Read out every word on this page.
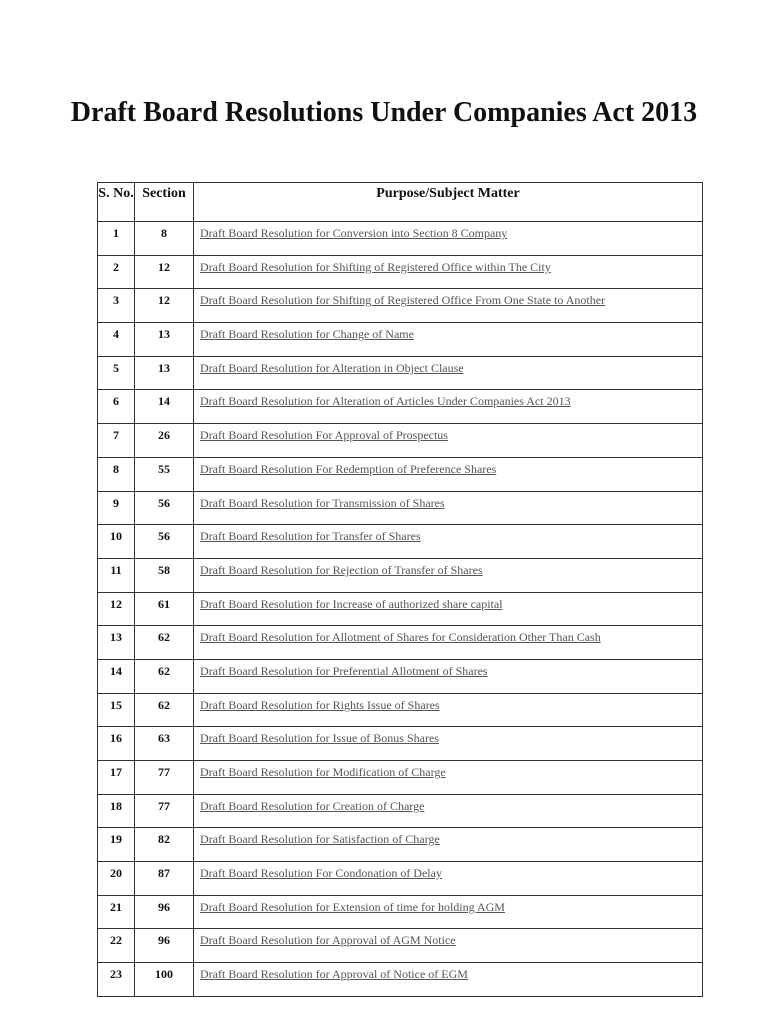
Draft Board Resolutions Under Companies Act 2013
S. No.	Section	Purpose/Subject Matter
1	8	Draft Board Resolution for Conversion into Section 8 Company
2	12	Draft Board Resolution for Shifting of Registered Office within The City
3	12	Draft Board Resolution for Shifting of Registered Office From One State to Another
4	13	Draft Board Resolution for Change of Name
5	13	Draft Board Resolution for Alteration in Object Clause
6	14	Draft Board Resolution for Alteration of Articles Under Companies Act 2013
7	26	Draft Board Resolution For Approval of Prospectus
8	55	Draft Board Resolution For Redemption of Preference Shares
9	56	Draft Board Resolution for Transmission of Shares
10	56	Draft Board Resolution for Transfer of Shares
11	58	Draft Board Resolution for Rejection of Transfer of Shares
12	61	Draft Board Resolution for Increase of authorized share capital
13	62	Draft Board Resolution for Allotment of Shares for Consideration Other Than Cash
14	62	Draft Board Resolution for Preferential Allotment of Shares
15	62	Draft Board Resolution for Rights Issue of Shares
16	63	Draft Board Resolution for Issue of Bonus Shares
17	77	Draft Board Resolution for Modification of Charge
18	77	Draft Board Resolution for Creation of Charge
19	82	Draft Board Resolution for Satisfaction of Charge
20	87	Draft Board Resolution For Condonation of Delay
21	96	Draft Board Resolution for Extension of time for holding AGM
22	96	Draft Board Resolution for Approval of AGM Notice
23	100	Draft Board Resolution for Approval of Notice of EGM
